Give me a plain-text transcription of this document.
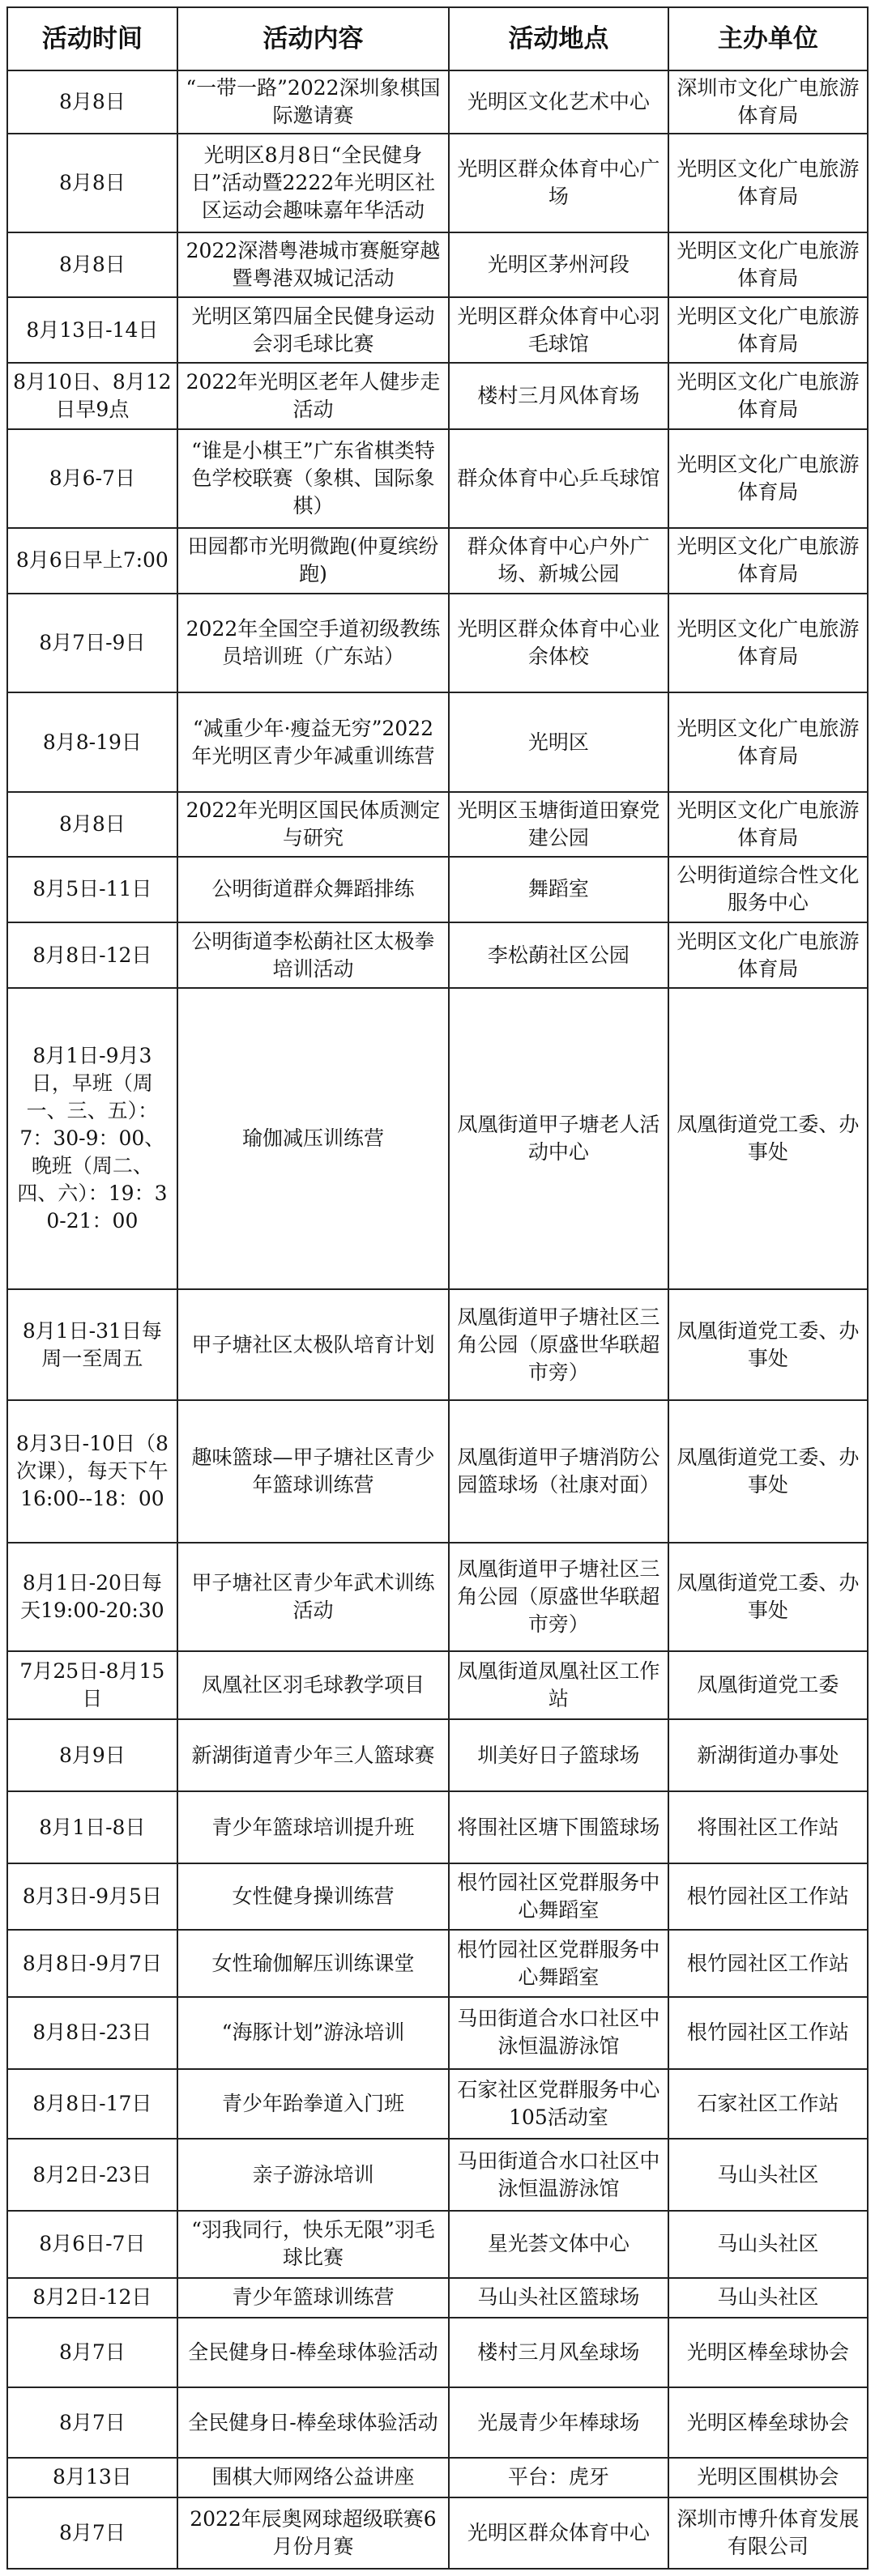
活动时间	活动内容	活动地点	主办单位
8月8日	“一带一路”2022深圳象棋国际邀请赛	光明区文化艺术中心	深圳市文化广电旅游体育局
8月8日	光明区8月8日“全民健身日”活动暨2222年光明区社区运动会趣味嘉年华活动	光明区群众体育中心广场	光明区文化广电旅游体育局
8月8日	2022深潜粤港城市赛艇穿越暨粤港双城记活动	光明区茅州河段	光明区文化广电旅游体育局
8月13日-14日	光明区第四届全民健身运动会羽毛球比赛	光明区群众体育中心羽毛球馆	光明区文化广电旅游体育局
8月10日、8月12日早9点	2022年光明区老年人健步走活动	楼村三月风体育场	光明区文化广电旅游体育局
8月6-7日	“谁是小棋王”广东省棋类特色学校联赛（象棋、国际象棋）	群众体育中心乒乓球馆	光明区文化广电旅游体育局
8月6日早上7:00	田园都市光明微跑(仲夏缤纷跑)	群众体育中心户外广场、新城公园	光明区文化广电旅游体育局
8月7日-9日	2022年全国空手道初级教练员培训班（广东站）	光明区群众体育中心业余体校	光明区文化广电旅游体育局
8月8-19日	“减重少年·瘦益无穷”2022年光明区青少年减重训练营	光明区	光明区文化广电旅游体育局
8月8日	2022年光明区国民体质测定与研究	光明区玉塘街道田寮党建公园	光明区文化广电旅游体育局
8月5日-11日	公明街道群众舞蹈排练	舞蹈室	公明街道综合性文化服务中心
8月8日-12日	公明街道李松蓢社区太极拳培训活动	李松蓢社区公园	光明区文化广电旅游体育局
8月1日-9月3日，早班（周一、三、五）：7：30-9：00、晚班（周二、四、六）：19：30-21：00	瑜伽减压训练营	凤凰街道甲子塘老人活动中心	凤凰街道党工委、办事处
8月1日-31日每周一至周五	甲子塘社区太极队培育计划	凤凰街道甲子塘社区三角公园（原盛世华联超市旁）	凤凰街道党工委、办事处
8月3日-10日（8次课），每天下午16:00--18：00	趣味篮球—甲子塘社区青少年篮球训练营	凤凰街道甲子塘消防公园篮球场（社康对面）	凤凰街道党工委、办事处
8月1日-20日每天19:00-20:30	甲子塘社区青少年武术训练活动	凤凰街道甲子塘社区三角公园（原盛世华联超市旁）	凤凰街道党工委、办事处
7月25日-8月15日	凤凰社区羽毛球教学项目	凤凰街道凤凰社区工作站	凤凰街道党工委
8月9日	新湖街道青少年三人篮球赛	圳美好日子篮球场	新湖街道办事处
8月1日-8日	青少年篮球培训提升班	将围社区塘下围篮球场	将围社区工作站
8月3日-9月5日	女性健身操训练营	根竹园社区党群服务中心舞蹈室	根竹园社区工作站
8月8日-9月7日	女性瑜伽解压训练课堂	根竹园社区党群服务中心舞蹈室	根竹园社区工作站
8月8日-23日	“海豚计划”游泳培训	马田街道合水口社区中泳恒温游泳馆	根竹园社区工作站
8月8日-17日	青少年跆拳道入门班	石家社区党群服务中心105活动室	石家社区工作站
8月2日-23日	亲子游泳培训	马田街道合水口社区中泳恒温游泳馆	马山头社区
8月6日-7日	“羽我同行，快乐无限”羽毛球比赛	星光荟文体中心	马山头社区
8月2日-12日	青少年篮球训练营	马山头社区篮球场	马山头社区
8月7日	全民健身日-棒垒球体验活动	楼村三月风垒球场	光明区棒垒球协会
8月7日	全民健身日-棒垒球体验活动	光晟青少年棒球场	光明区棒垒球协会
8月13日	围棋大师网络公益讲座	平台：虎牙	光明区围棋协会
8月7日	2022年辰奥网球超级联赛6月份月赛	光明区群众体育中心	深圳市博升体育发展有限公司
